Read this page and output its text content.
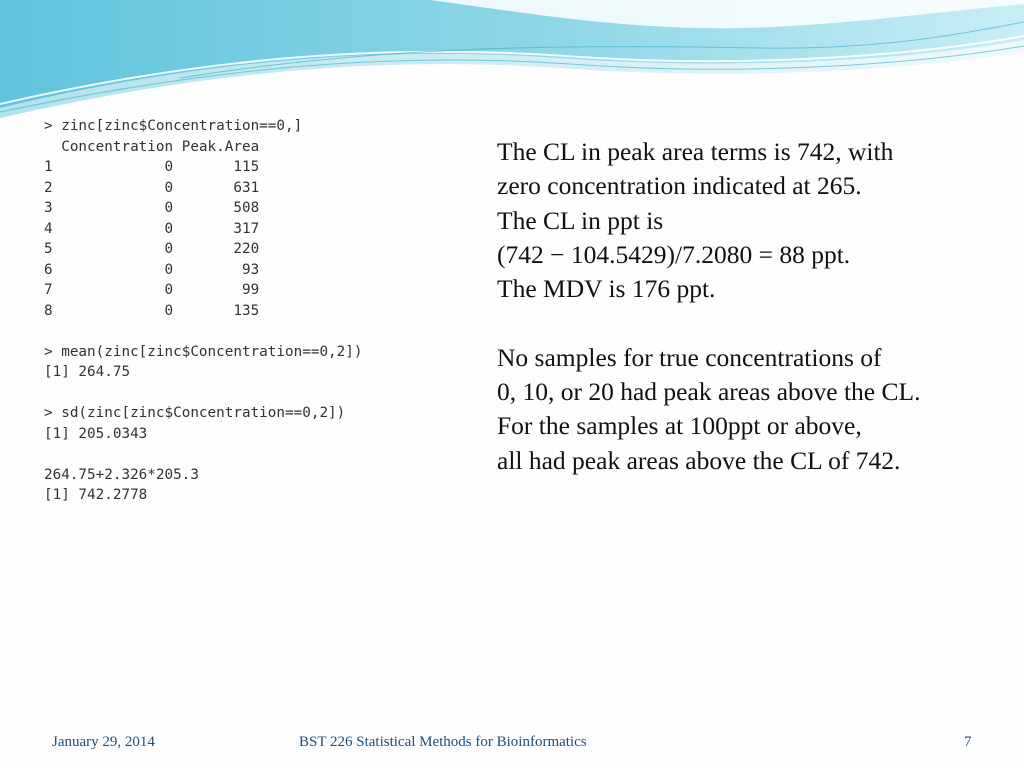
> zinc[zinc$Concentration==0,]
Concentration Peak.Area
1             0       115
2             0       631
3             0       508
4             0       317
5             0       220
6             0        93
7             0        99
8             0       135
> mean(zinc[zinc$Concentration==0,2])
[1] 264.75
> sd(zinc[zinc$Concentration==0,2])
[1] 205.0343
264.75+2.326*205.3
[1] 742.2778
The CL in peak area terms is 742, with
zero concentration indicated at 265.
The CL in ppt is
(742 − 104.5429)/7.2080 = 88 ppt.
The MDV is 176 ppt.
No samples for true concentrations of
0, 10, or 20 had peak areas above the CL.
For the samples at 100ppt or above,
all had peak areas above the CL of 742.
January 29, 2014	BST 226 Statistical Methods for Bioinformatics	7
